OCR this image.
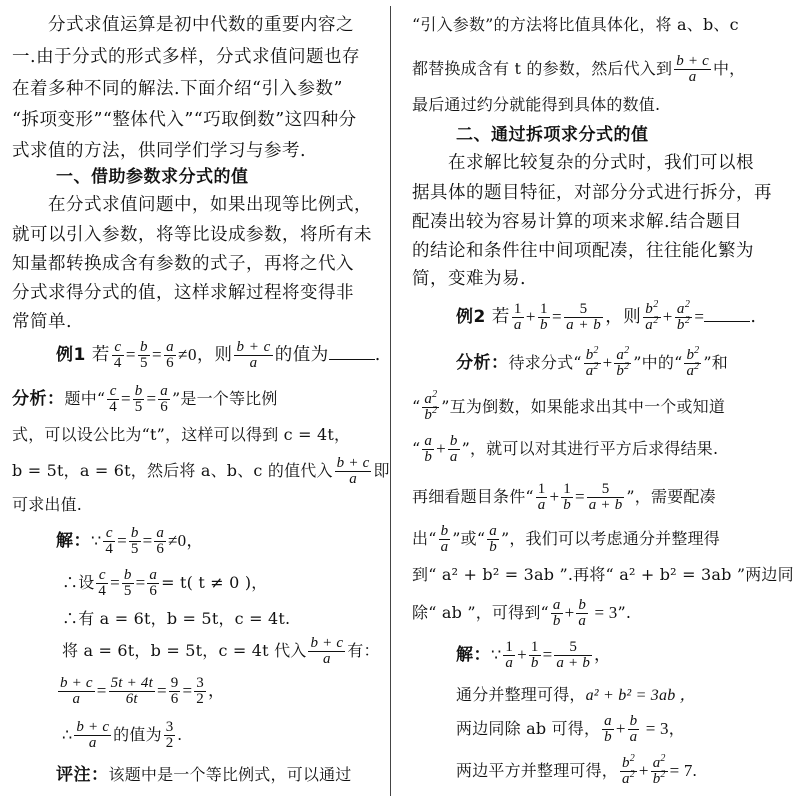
分式求值运算是初中代数的重要内容之
一.由于分式的形式多样，分式求值问题也存
在着多种不同的解法.下面介绍“引入参数”
“拆项变形”“整体代入”“巧取倒数”这四种分
式求值的方法，供同学们学习与参考.
一、借助参数求分式的值
在分式求值问题中，如果出现等比例式，
就可以引入参数，将等比设成参数，将所有未
知量都转换成含有参数的式子，再将之代入
分式求得分式的值，这样求解过程将变得非
常简单.
例1 若 $\frac{c}{4} = \frac{b}{5} = \frac{a}{6} \ne 0$，则 $\frac{b + c}{a}$ 的值为	.
分析：题中“ $\frac{c}{4} = \frac{b}{5} = \frac{a}{6}$ ”是一个等比例
式，可以设公比为“t”，这样可以得到 c = 4t，
b = 5t，a = 6t，然后将 a、b、c 的值代入 $\frac{b + c}{a}$ 即
可求出值.
解：∵ $\frac{c}{4} = \frac{b}{5} = \frac{a}{6} \ne 0$，
∴设 $\frac{c}{4} = \frac{b}{5} = \frac{a}{6} = t$( t ≠ 0 )，
∴有 a = 6t，b = 5t，c = 4t.
将 a = 6t，b = 5t，c = 4t 代入 $\frac{b + c}{a}$ 有：
$\frac{b + c}{a} = \frac{5t + 4t}{6t} = \frac{9}{6} = \frac{3}{2}$ ，
∴ $\frac{b + c}{a}$ 的值为 $\frac{3}{2}$ .
评注：该题中是一个等比例式，可以通过
“引入参数”的方法将比值具体化，将 a、b、c
都替换成含有 t 的参数，然后代入到 $\frac{b + c}{a}$ 中，
最后通过约分就能得到具体的数值.
二、通过拆项求分式的值
在求解比较复杂的分式时，我们可以根
据具体的题目特征，对部分分式进行拆分，再
配凑出较为容易计算的项来求解.结合题目
的结论和条件往中间项配凑，往往能化繁为
简，变难为易.
例2 若 $\frac{1}{a} + \frac{1}{b} = \frac{5}{a + b}$ ，则 $\frac{b^2}{a^2} + \frac{a^2}{b^2}$ =	.
分析：待求分式“ $\frac{b^2}{a^2} + \frac{a^2}{b^2}$ ”中的“ $\frac{b^2}{a^2}$ ”和
“ $\frac{a^2}{b^2}$ ”互为倒数，如果能求出其中一个或知道
“ $\frac{a}{b} + \frac{b}{a}$ ”，就可以对其进行平方后求得结果.
再细看题目条件“ $\frac{1}{a} + \frac{1}{b} = \frac{5}{a + b}$ ”，需要配凑
出“ $\frac{b}{a}$ ”或“ $\frac{a}{b}$ ”，我们可以考虑通分并整理得
到“ a² + b² = 3ab ”.再将“ a² + b² = 3ab ”两边同
除“ ab ”，可得到“ $\frac{a}{b} + \frac{b}{a} = 3$”.
解：∵ $\frac{1}{a} + \frac{1}{b} = \frac{5}{a + b}$ ，
通分并整理可得，a² + b² = 3ab ，
两边同除 ab 可得， $\frac{a}{b} + \frac{b}{a} = 3$，
两边平方并整理可得， $\frac{b^2}{a^2} + \frac{a^2}{b^2} = 7$.
